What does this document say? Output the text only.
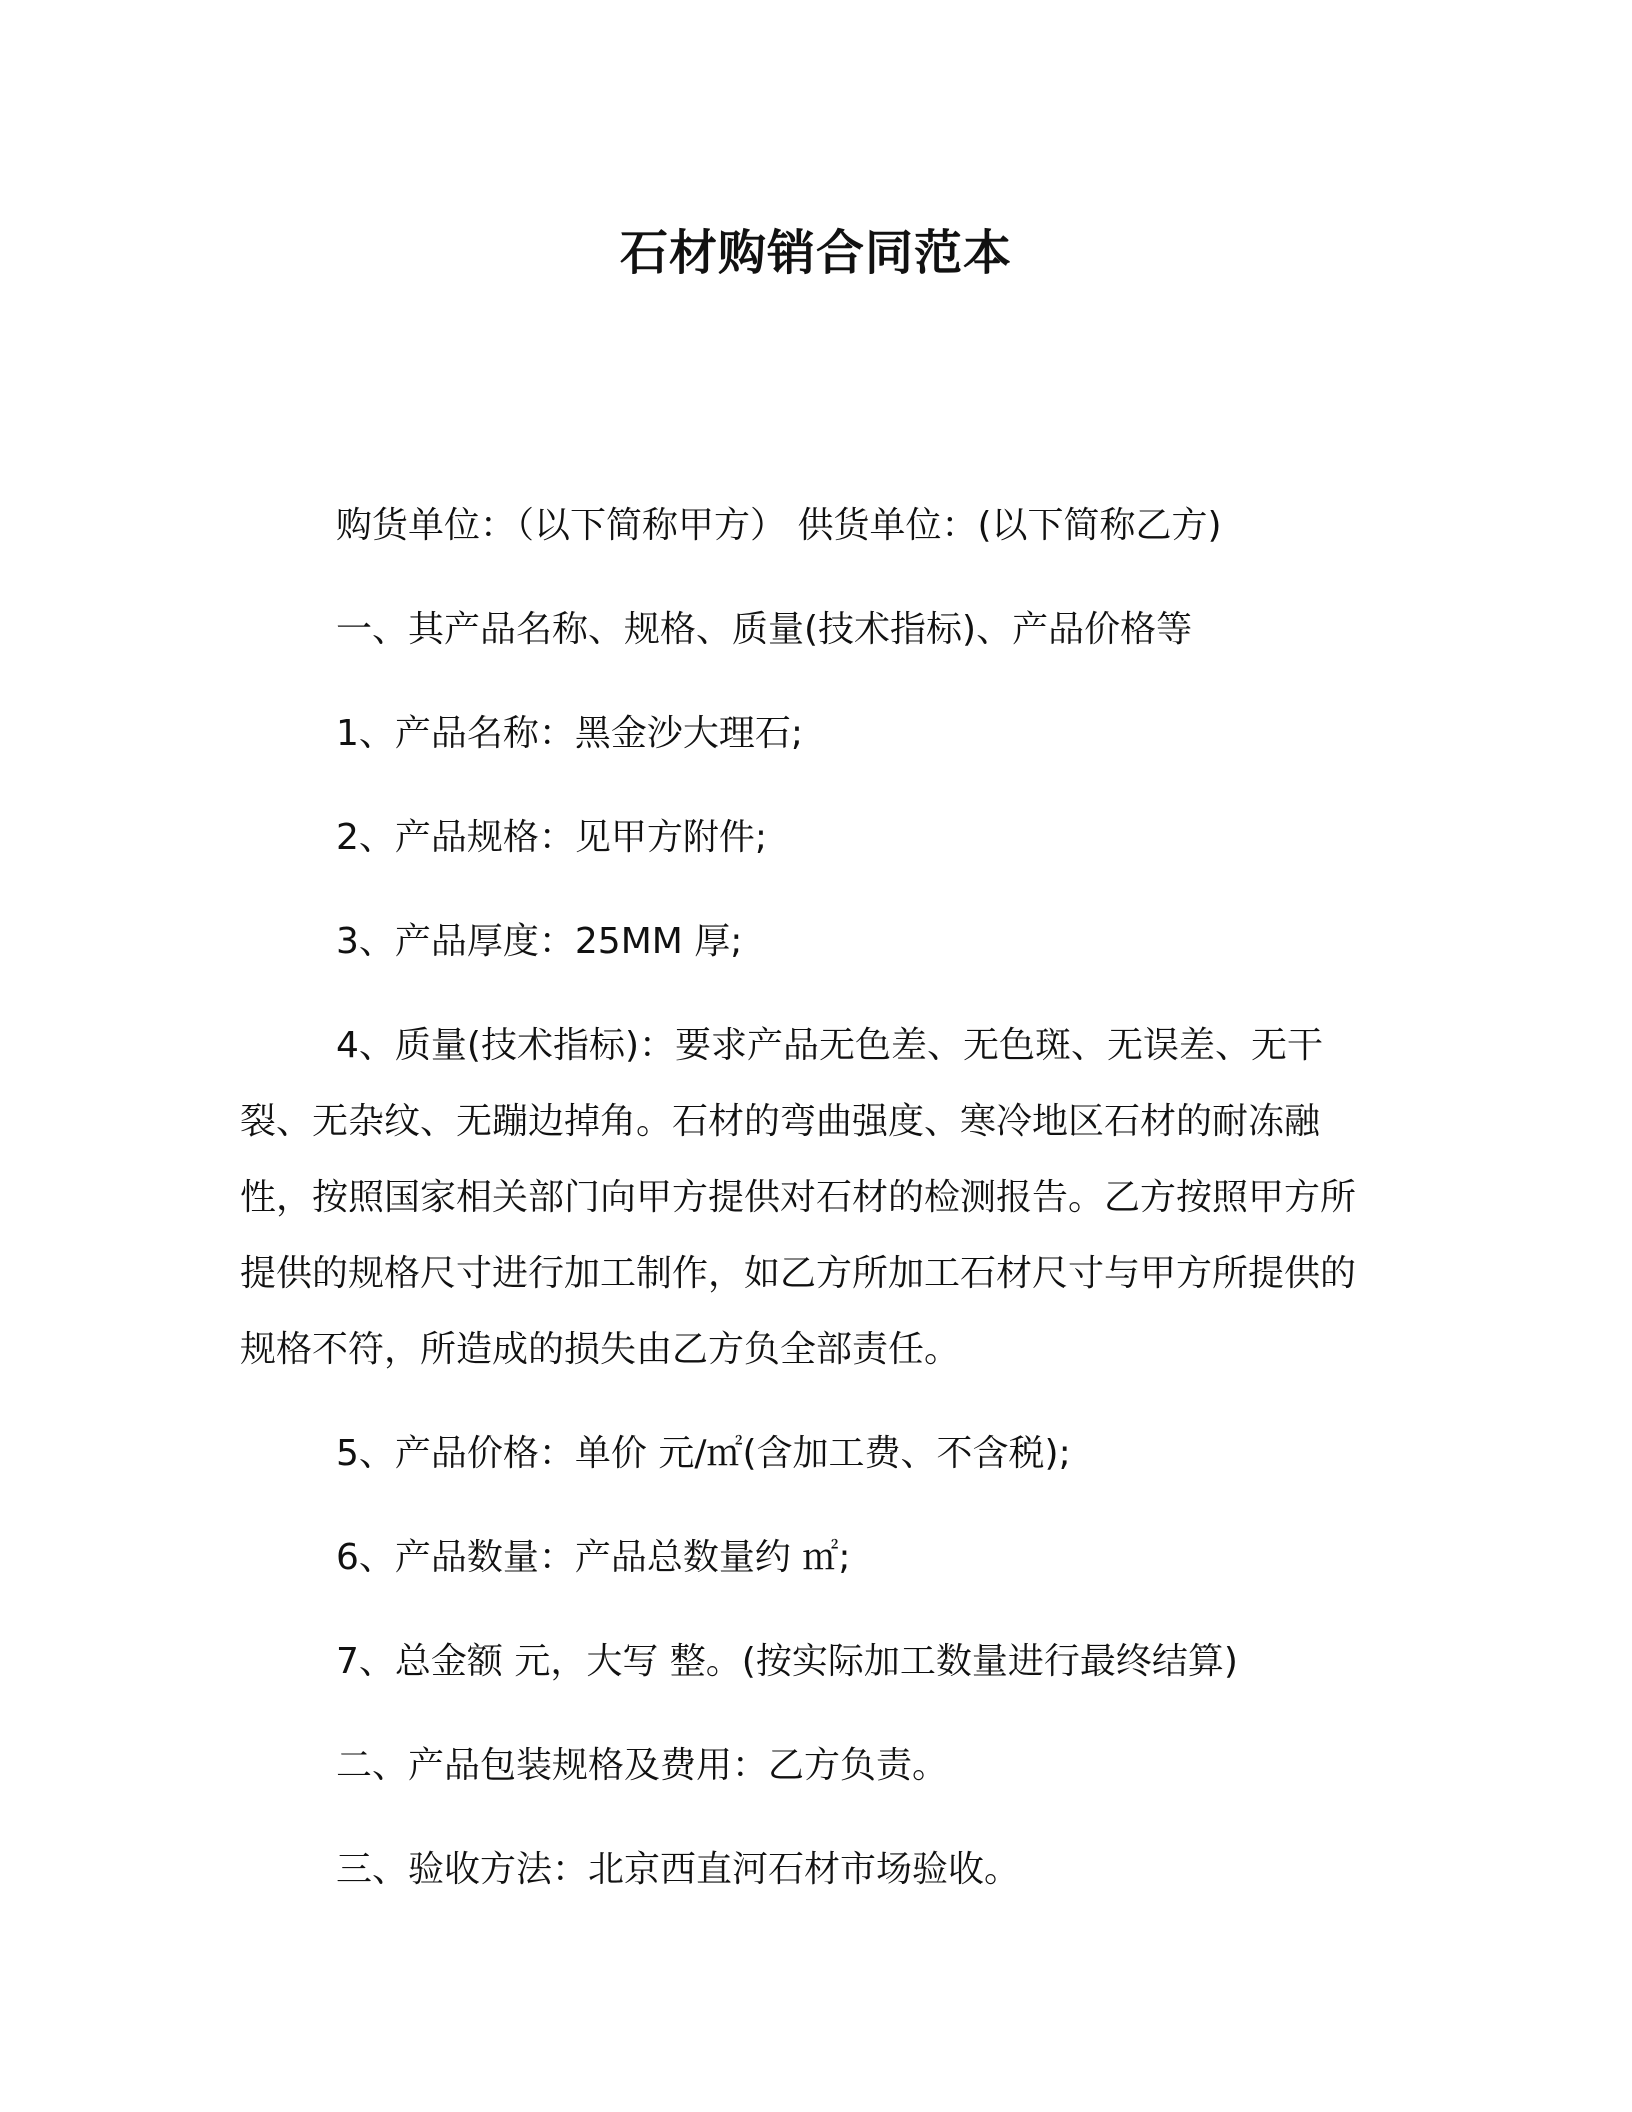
石材购销合同范本

购货单位：（以下简称甲方） 供货单位：(以下简称乙方)

一、其产品名称、规格、质量(技术指标)、产品价格等

1、产品名称：黑金沙大理石;

2、产品规格：见甲方附件;

3、产品厚度：25MM 厚;

4、质量(技术指标)：要求产品无色差、无色斑、无误差、无干裂、无杂纹、无蹦边掉角。石材的弯曲强度、寒冷地区石材的耐冻融性，按照国家相关部门向甲方提供对石材的检测报告。乙方按照甲方所提供的规格尺寸进行加工制作，如乙方所加工石材尺寸与甲方所提供的规格不符，所造成的损失由乙方负全部责任。

5、产品价格：单价 元/㎡(含加工费、不含税);

6、产品数量：产品总数量约 ㎡;

7、总金额 元，大写 整。(按实际加工数量进行最终结算)

二、产品包装规格及费用：乙方负责。

三、验收方法：北京西直河石材市场验收。
